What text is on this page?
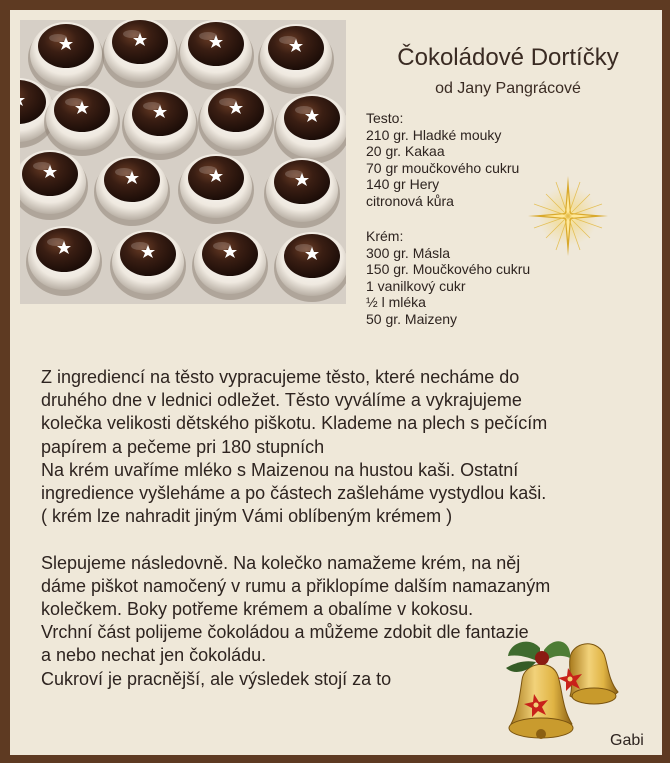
Čokoládové Dortíčky
od Jany Pangrácové
Testo:
210 gr. Hladké mouky
20 gr. Kakaa
70 gr moučkového cukru
140 gr Hery
citronová kůra
Krém:
300 gr. Másla
150 gr. Moučkového cukru
1 vanilkový cukr
½ l mléka
50 gr. Maizeny
Z ingrediencí na těsto vypracujeme těsto, které necháme do
druhého dne v lednici odležet. Těsto vyválíme a vykrajujeme
kolečka velikosti dětského piškotu. Klademe na plech s pečícím
papírem a pečeme pri 180 stupních
Na krém uvaříme mléko s Maizenou na hustou kaši. Ostatní
ingredience vyšleháme a po částech zašleháme vystydlou kaši.
( krém lze nahradit jiným Vámi oblíbeným krémem )
Slepujeme následovně. Na kolečko namažeme krém, na něj
dáme piškot namočený v rumu a přiklopíme dalším namazaným
kolečkem. Boky potřeme krémem a obalíme v kokosu.
Vrchní část polijeme čokoládou a můžeme zdobit dle fantazie
a nebo nechat jen čokoládu.
Cukroví je pracnější, ale výsledek stojí za to
Gabi
